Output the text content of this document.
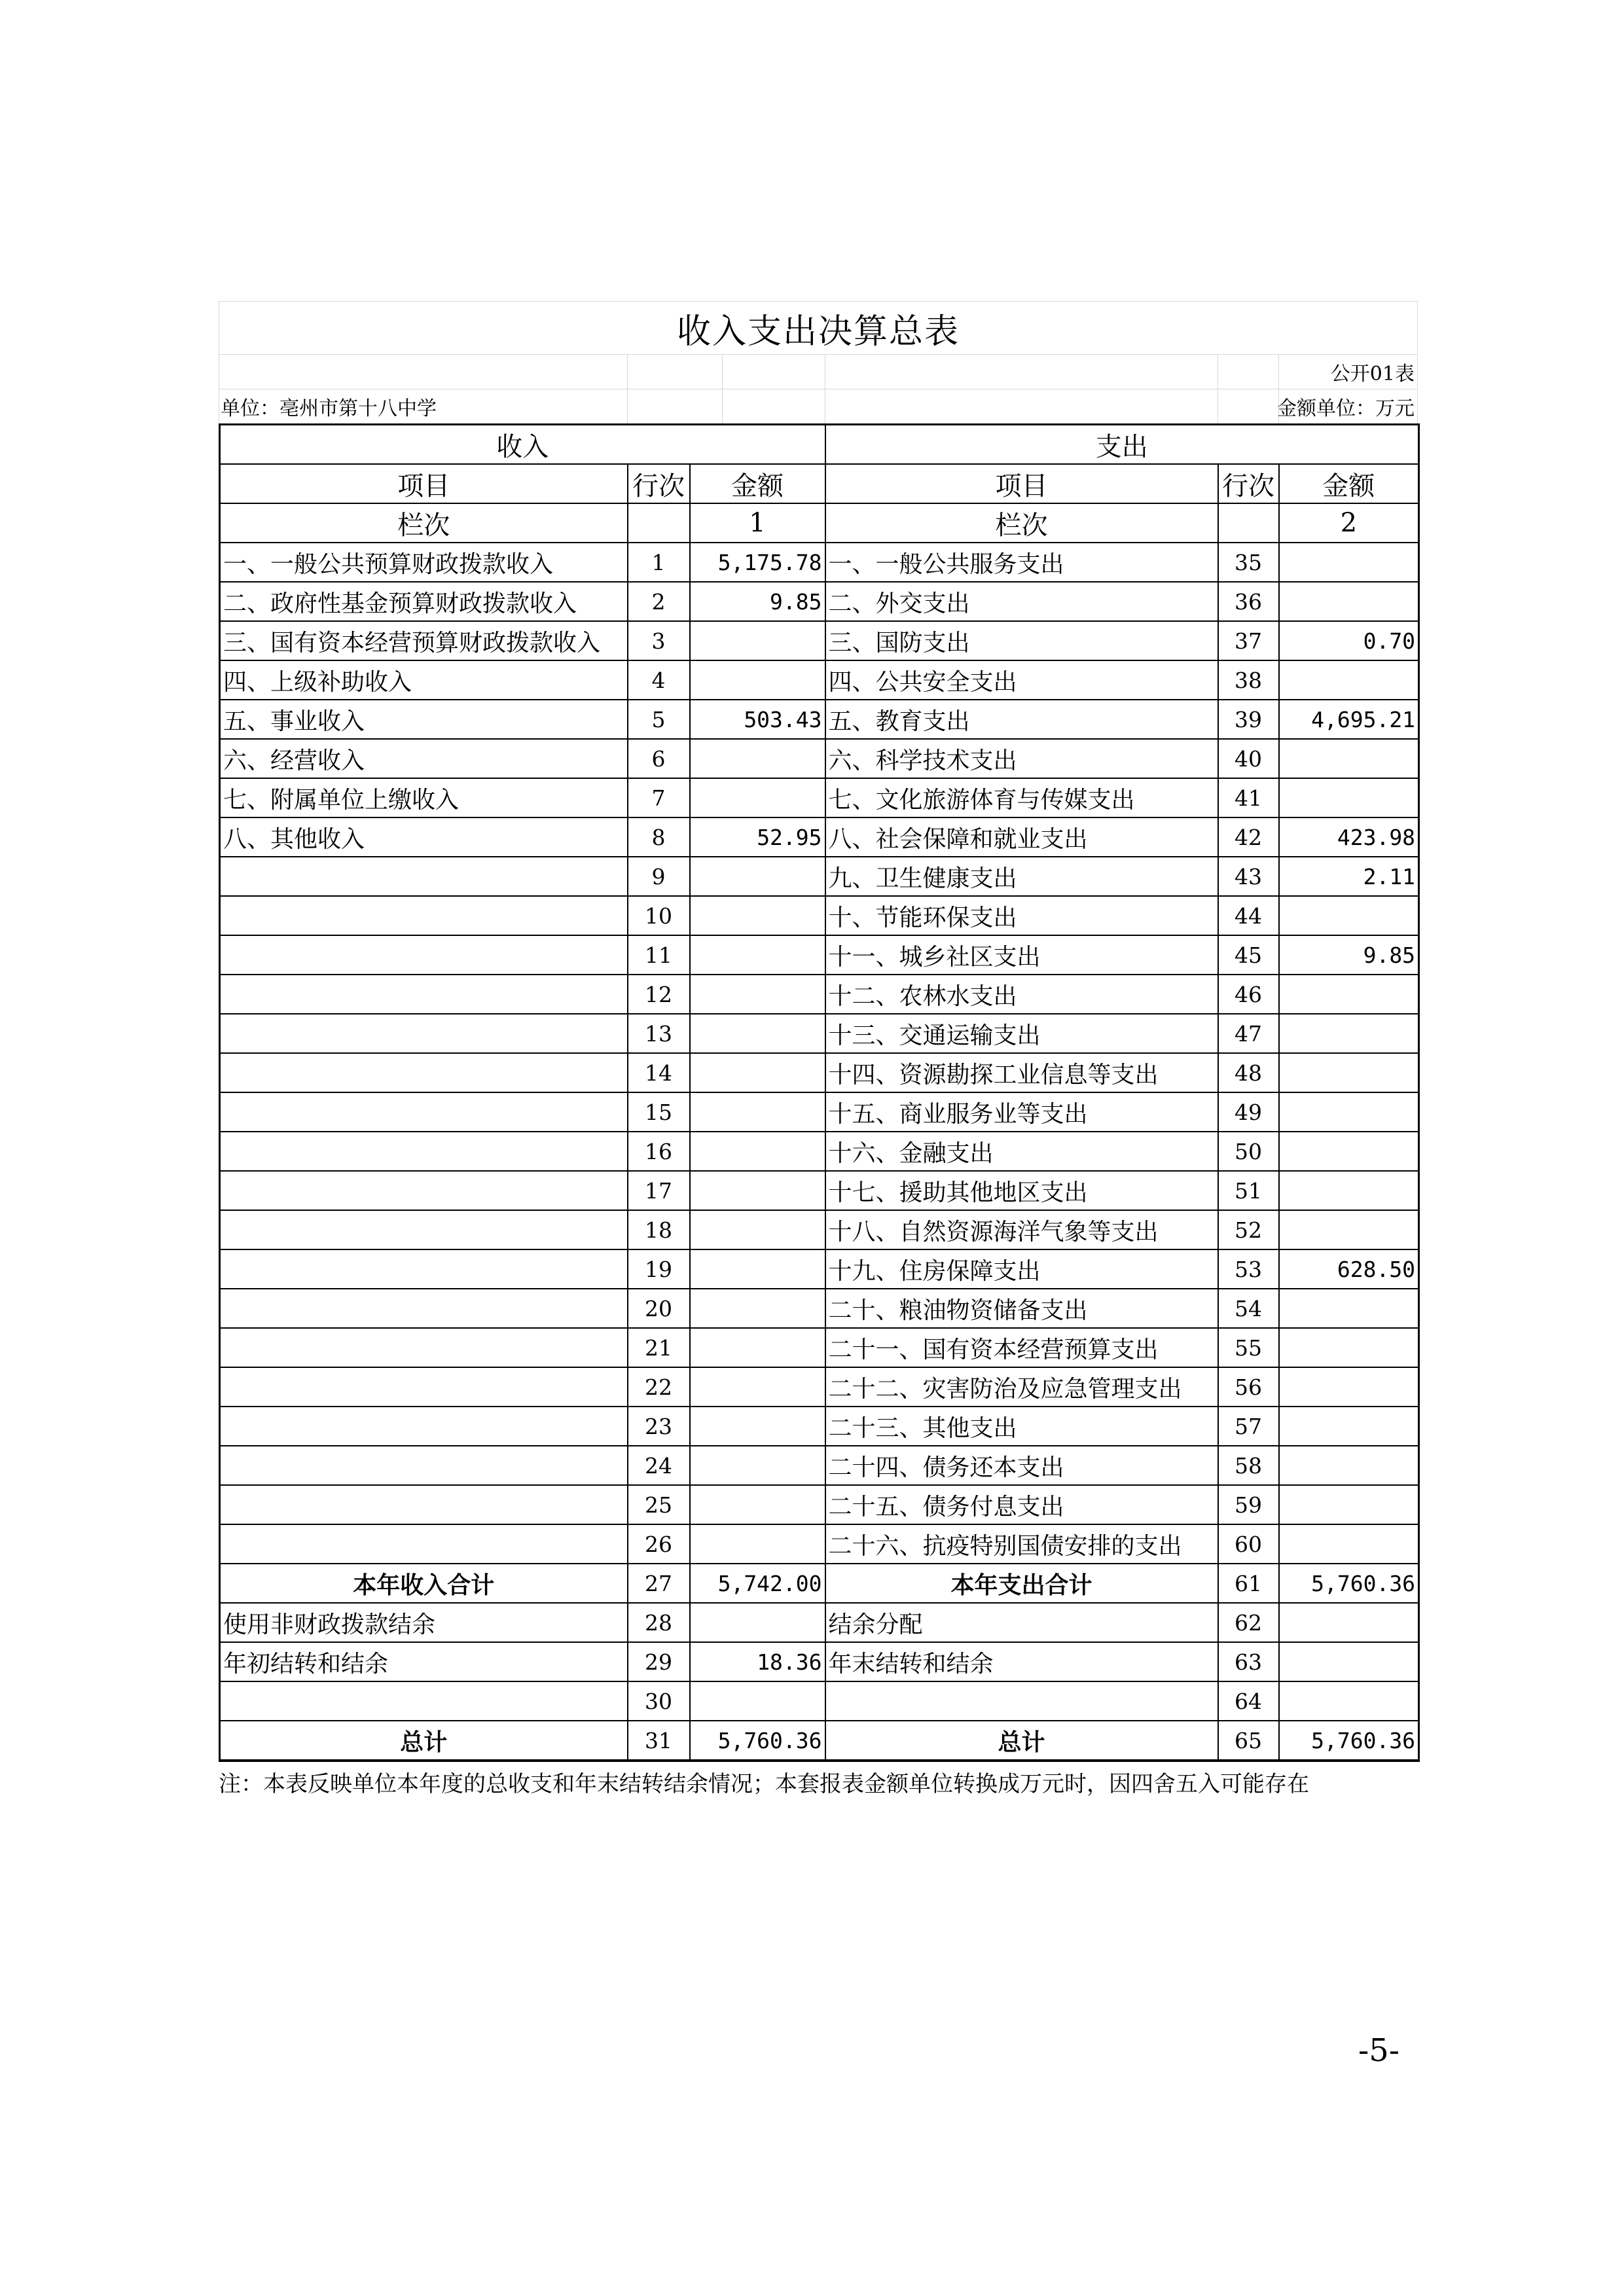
收入支出决算总表
公开01表
单位：亳州市第十八中学	金额单位：万元
收入			支出		
项目	行次	金额	项目	行次	金额
栏次		1	栏次		2
一、一般公共预算财政拨款收入	1	5,175.78	一、一般公共服务支出	35	
二、政府性基金预算财政拨款收入	2	9.85	二、外交支出	36	
三、国有资本经营预算财政拨款收入	3		三、国防支出	37	0.70
四、上级补助收入	4		四、公共安全支出	38	
五、事业收入	5	503.43	五、教育支出	39	4,695.21
六、经营收入	6		六、科学技术支出	40	
七、附属单位上缴收入	7		七、文化旅游体育与传媒支出	41	
八、其他收入	8	52.95	八、社会保障和就业支出	42	423.98
	9		九、卫生健康支出	43	2.11
	10		十、节能环保支出	44	
	11		十一、城乡社区支出	45	9.85
	12		十二、农林水支出	46	
	13		十三、交通运输支出	47	
	14		十四、资源勘探工业信息等支出	48	
	15		十五、商业服务业等支出	49	
	16		十六、金融支出	50	
	17		十七、援助其他地区支出	51	
	18		十八、自然资源海洋气象等支出	52	
	19		十九、住房保障支出	53	628.50
	20		二十、粮油物资储备支出	54	
	21		二十一、国有资本经营预算支出	55	
	22		二十二、灾害防治及应急管理支出	56	
	23		二十三、其他支出	57	
	24		二十四、债务还本支出	58	
	25		二十五、债务付息支出	59	
	26		二十六、抗疫特别国债安排的支出	60	
本年收入合计	27	5,742.00	本年支出合计	61	5,760.36
使用非财政拨款结余	28		结余分配	62	
年初结转和结余	29	18.36	年末结转和结余	63	
	30			64	
总计	31	5,760.36	总计	65	5,760.36
注：本表反映单位本年度的总收支和年末结转结余情况；本套报表金额单位转换成万元时，因四舍五入可能存在
-5-
